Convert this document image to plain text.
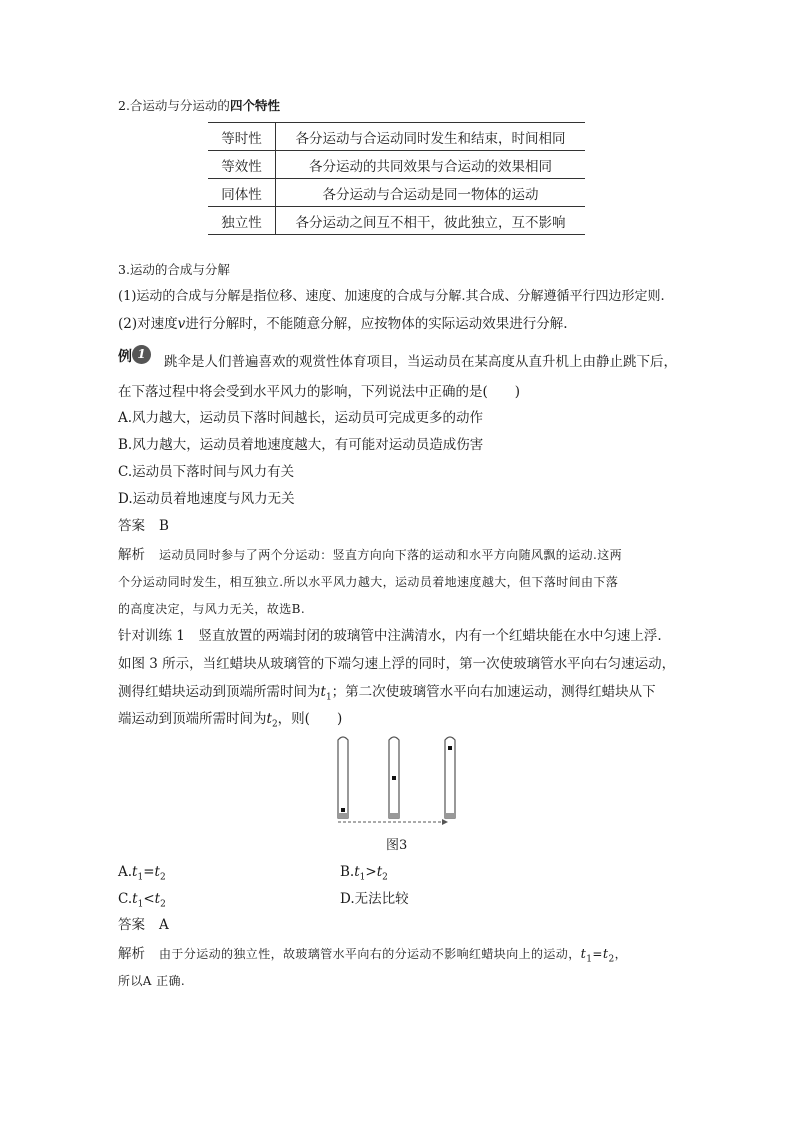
2.合运动与分运动的四个特性
等时性	各分运动与合运动同时发生和结束，时间相同
等效性	各分运动的共同效果与合运动的效果相同
同体性	各分运动与合运动是同一物体的运动
独立性	各分运动之间互不相干，彼此独立，互不影响
3.运动的合成与分解
(1)运动的合成与分解是指位移、速度、加速度的合成与分解.其合成、分解遵循平行四边形定则.
(2)对速度v进行分解时，不能随意分解，应按物体的实际运动效果进行分解.
例 1	跳伞是人们普遍喜欢的观赏性体育项目，当运动员在某高度从直升机上由静止跳下后，
在下落过程中将会受到水平风力的影响，下列说法中正确的是(　　)
A.风力越大，运动员下落时间越长，运动员可完成更多的动作
B.风力越大，运动员着地速度越大，有可能对运动员造成伤害
C.运动员下落时间与风力有关
D.运动员着地速度与风力无关
答案 B
解析 运动员同时参与了两个分运动：竖直方向向下落的运动和水平方向随风飘的运动.这两
个分运动同时发生，相互独立.所以水平风力越大，运动员着地速度越大，但下落时间由下落
的高度决定，与风力无关，故选B.
针对训练 1　竖直放置的两端封闭的玻璃管中注满清水，内有一个红蜡块能在水中匀速上浮.
如图 3 所示，当红蜡块从玻璃管的下端匀速上浮的同时，第一次使玻璃管水平向右匀速运动，
测得红蜡块运动到顶端所需时间为$t_1$；第二次使玻璃管水平向右加速运动，测得红蜡块从下
端运动到顶端所需时间为$t_2$，则(　　)
图3
$A.t_1=t_2$	$B.t_1>t_2$
$C.t_1<t_2$	D.无法比较
答案 A
解析 由于分运动的独立性，故玻璃管水平向右的分运动不影响红蜡块向上的运动，$t_1=t_2$，
所以A 正确.
